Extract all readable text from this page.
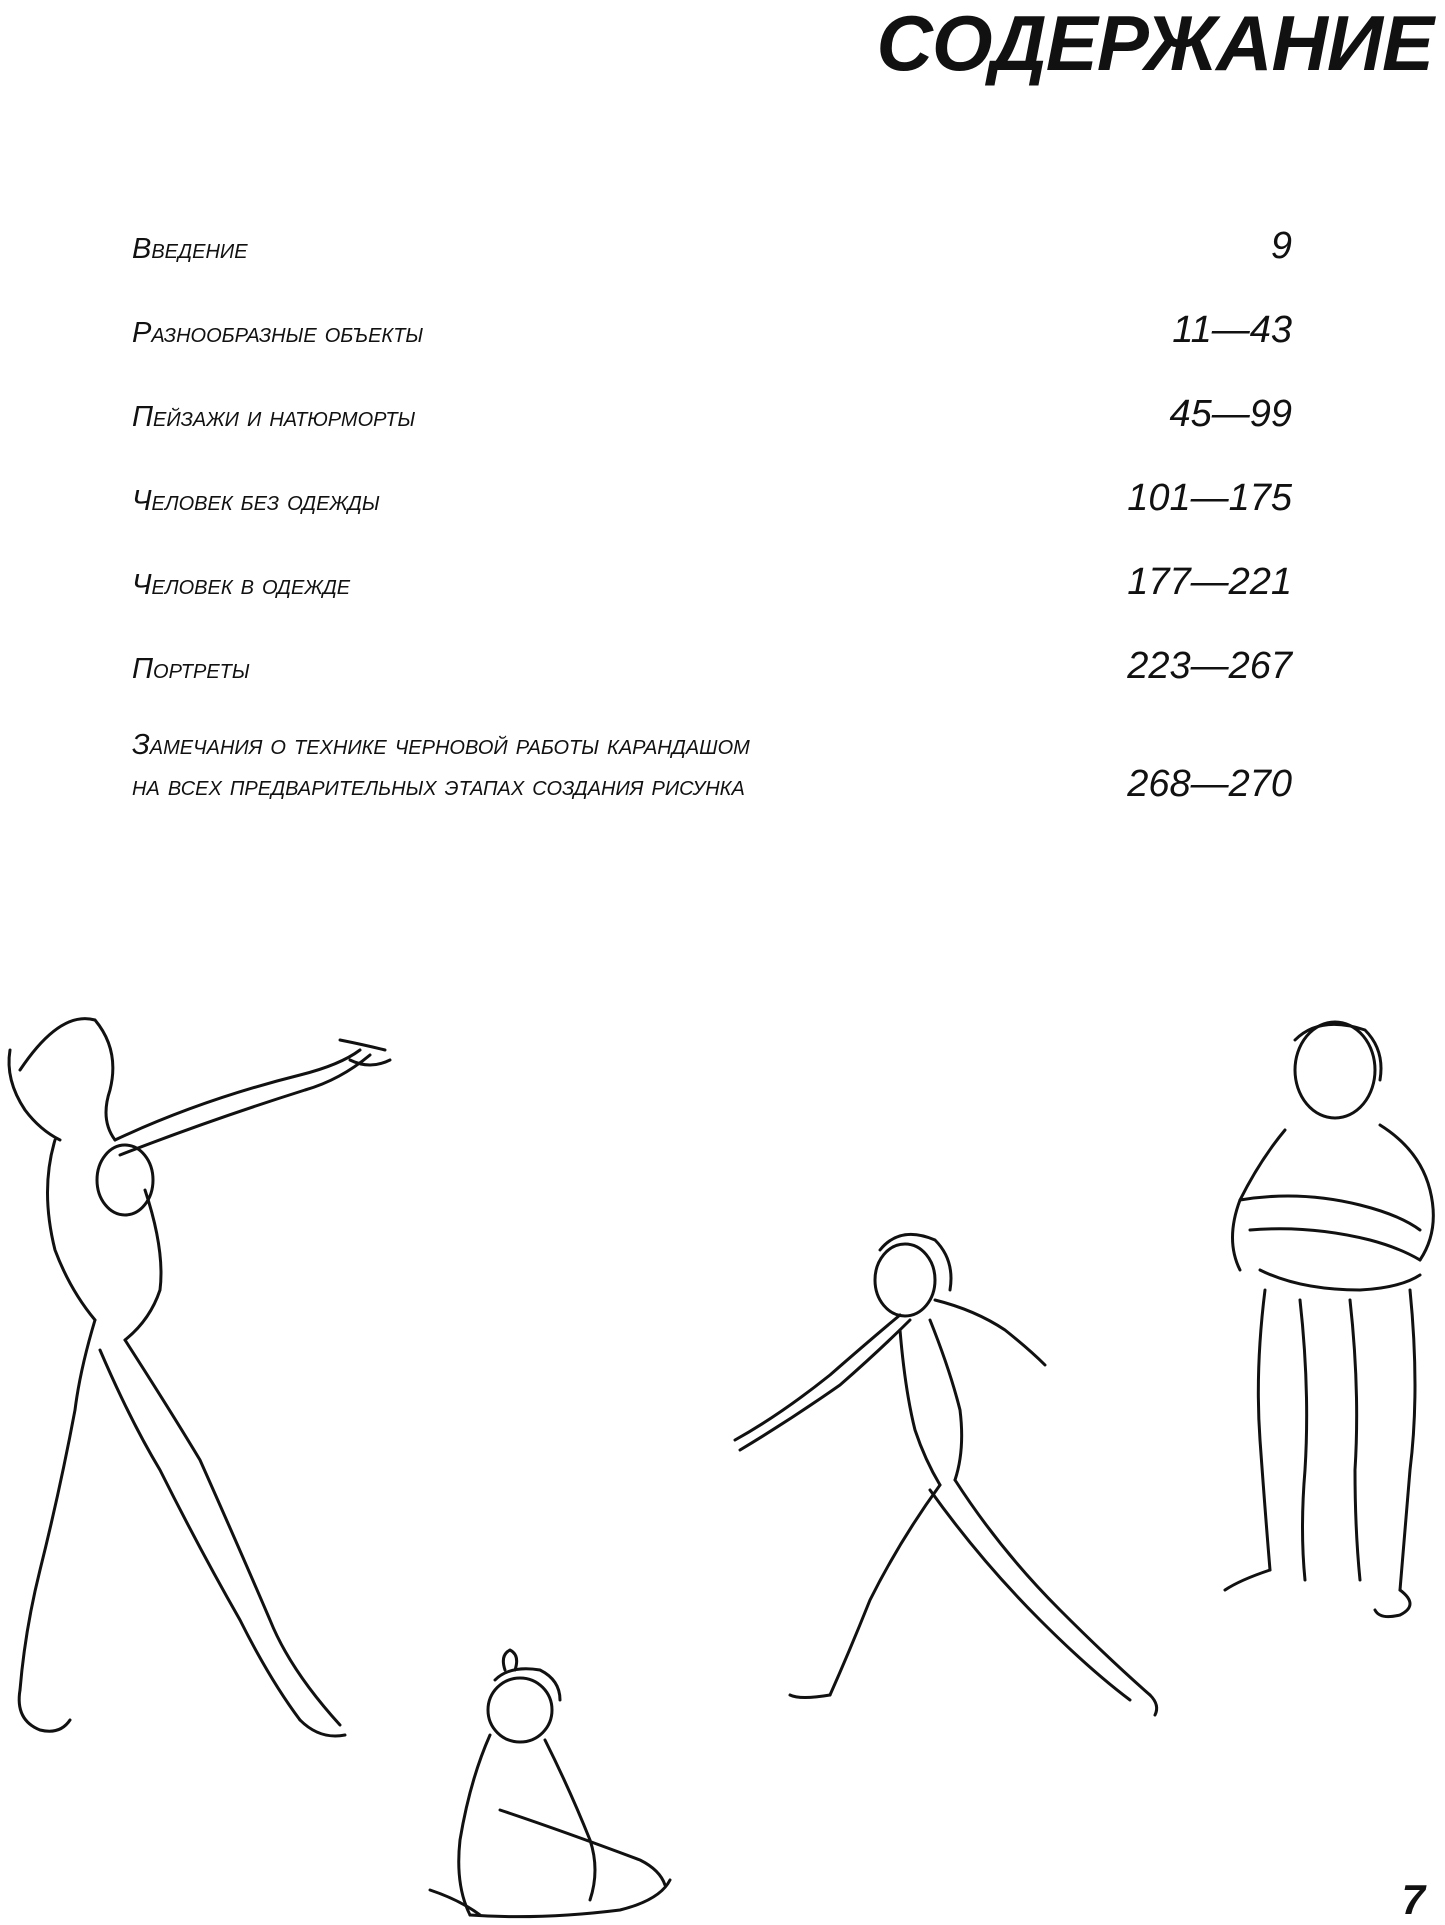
СОДЕРЖАНИЕ
Введение	9
Разнообразные объекты	11—43
Пейзажи и натюрморты	45—99
Человек без одежды	101—175
Человек в одежде	177—221
Портреты	223—267
Замечания о технике черновой работы карандашом
на всех предварительных этапах создания рисунка	268—270
7
